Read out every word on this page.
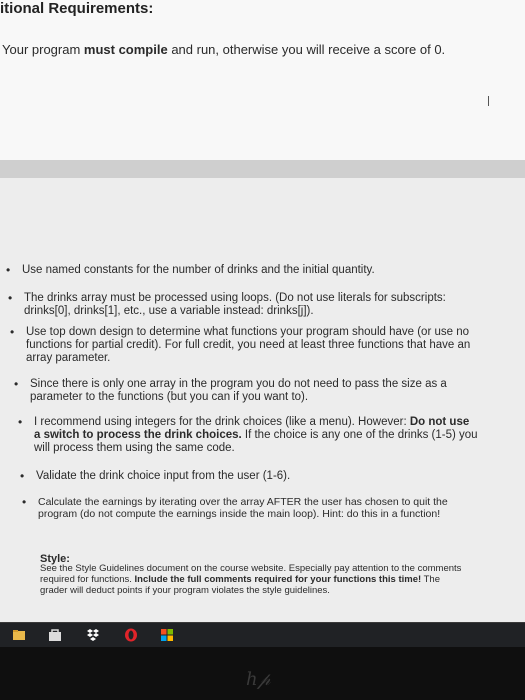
itional Requirements:

Your program must compile and run, otherwise you will receive a score of 0.

• Use named constants for the number of drinks and the initial quantity.
• The drinks array must be processed using loops. (Do not use literals for subscripts: drinks[0], drinks[1], etc., use a variable instead: drinks[j]).
• Use top down design to determine what functions your program should have (or use no functions for partial credit). For full credit, you need at least three functions that have an array parameter.
• Since there is only one array in the program you do not need to pass the size as a parameter to the functions (but you can if you want to).
• I recommend using integers for the drink choices (like a menu). However: Do not use a switch to process the drink choices. If the choice is any one of the drinks (1-5) you will process them using the same code.
• Validate the drink choice input from the user (1-6).
• Calculate the earnings by iterating over the array AFTER the user has chosen to quit the program (do not compute the earnings inside the main loop). Hint: do this in a function!
Style:

See the Style Guidelines document on the course website. Especially pay attention to the comments required for functions. Include the full comments required for your functions this time! The grader will deduct points if your program violates the style guidelines.

ℎ𝓅
